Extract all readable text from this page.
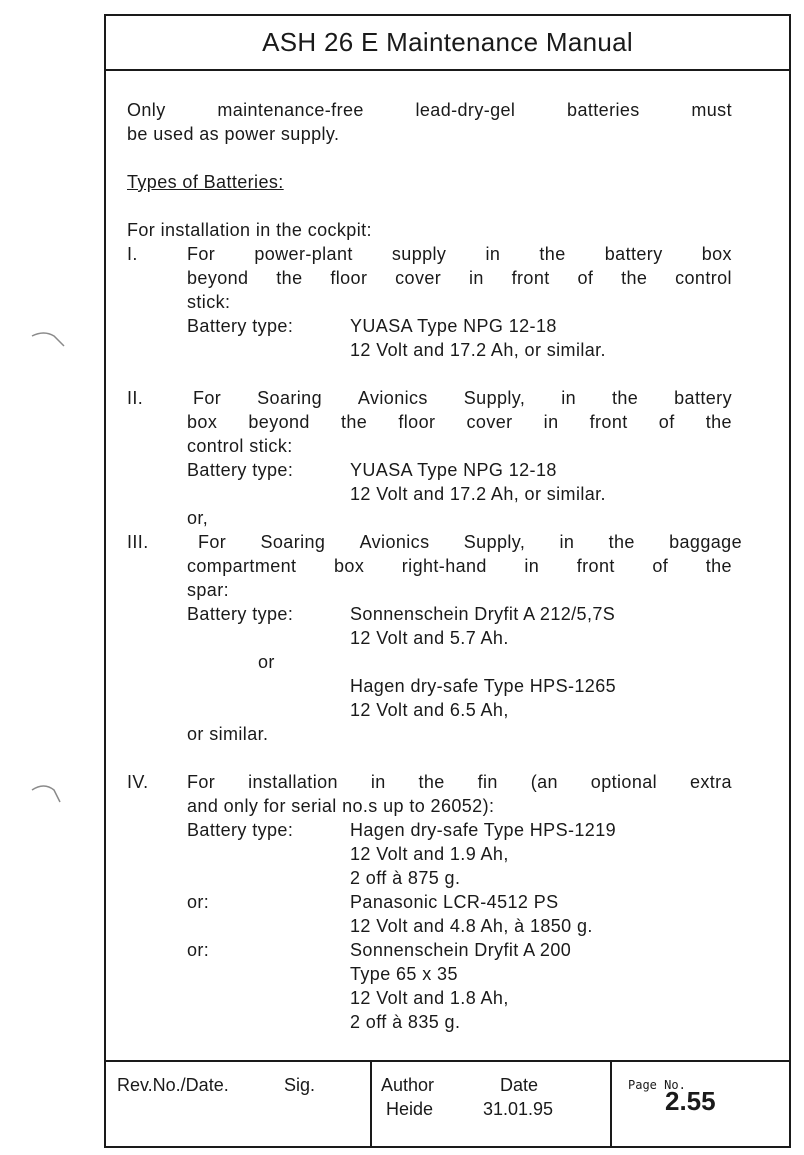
ASH 26 E Maintenance Manual
Only	maintenance-free	lead-dry-gel	batteries	must
be used as power supply.
Types of Batteries:
For installation in the cockpit:
I.	For power-plant supply in the battery box
beyond the floor cover in front of the control
stick:
Battery type:	YUASA Type NPG 12-18
12 Volt and 17.2 Ah, or similar.
II.	For Soaring Avionics Supply, in the battery
box beyond the floor cover in front of the
control stick:
Battery type:	YUASA Type NPG 12-18
12 Volt and 17.2 Ah, or similar.
or,
III.	For Soaring Avionics Supply, in the baggage
compartment box right-hand in front of the
spar:
Battery type:	Sonnenschein Dryfit A 212/5,7S
12 Volt and 5.7 Ah.
or
Hagen dry-safe Type HPS-1265
12 Volt and 6.5 Ah,
or similar.
IV. For installation in the fin (an optional extra
and only for serial no.s up to 26052):
Battery type:	Hagen dry-safe Type HPS-1219
12 Volt and 1.9 Ah,
2 off à 875 g.
or:	Panasonic LCR-4512 PS
12 Volt and 4.8 Ah, à 1850 g.
or:	Sonnenschein Dryfit A 200
Type 65 x 35
12 Volt and 1.8 Ah,
2 off à 835 g.
Rev.No./Date.	Sig.	Author
Heide
Date
31.01.95
Page No.
2.55
